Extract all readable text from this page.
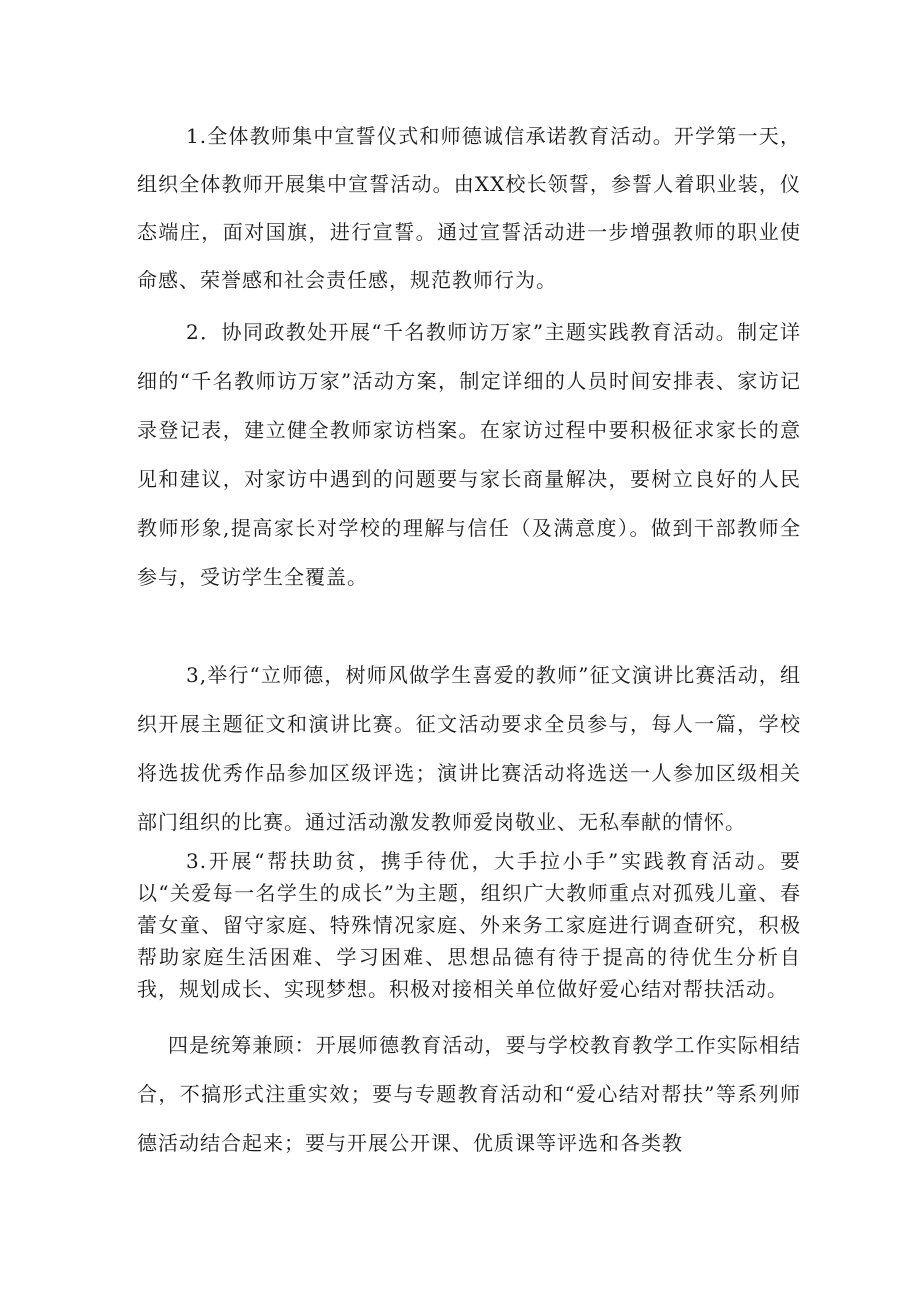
1.全体教师集中宣誓仪式和师德诚信承诺教育活动。开学第一天，组织全体教师开展集中宣誓活动。由XX校长领誓，参誓人着职业装，仪态端庄，面对国旗，进行宣誓。通过宣誓活动进一步增强教师的职业使命感、荣誉感和社会责任感，规范教师行为。

2．协同政教处开展“千名教师访万家”主题实践教育活动。制定详细的“千名教师访万家”活动方案，制定详细的人员时间安排表、家访记录登记表，建立健全教师家访档案。在家访过程中要积极征求家长的意见和建议，对家访中遇到的问题要与家长商量解决，要树立良好的人民教师形象,提高家长对学校的理解与信任（及满意度）。做到干部教师全参与，受访学生全覆盖。

3,举行“立师德，树师风做学生喜爱的教师”征文演讲比赛活动，组织开展主题征文和演讲比赛。征文活动要求全员参与，每人一篇，学校将选拔优秀作品参加区级评选；演讲比赛活动将选送一人参加区级相关部门组织的比赛。通过活动激发教师爱岗敬业、无私奉献的情怀。

3.开展“帮扶助贫，携手待优，大手拉小手”实践教育活动。要以“关爱每一名学生的成长”为主题，组织广大教师重点对孤残儿童、春蕾女童、留守家庭、特殊情况家庭、外来务工家庭进行调查研究，积极帮助家庭生活困难、学习困难、思想品德有待于提高的待优生分析自我，规划成长、实现梦想。积极对接相关单位做好爱心结对帮扶活动。

四是统筹兼顾：开展师德教育活动，要与学校教育教学工作实际相结合，不搞形式注重实效；要与专题教育活动和“爱心结对帮扶”等系列师德活动结合起来；要与开展公开课、优质课等评选和各类教
